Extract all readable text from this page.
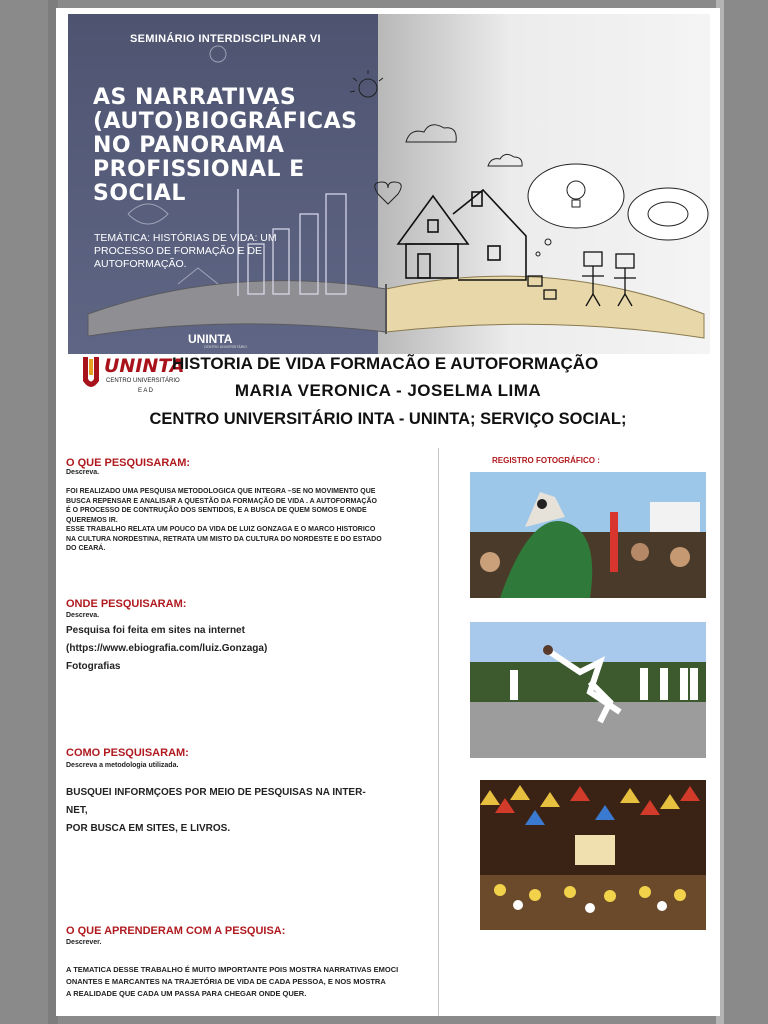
SEMINÁRIO INTERDISCIPLINAR VI
AS NARRATIVAS
(AUTO)BIOGRÁFICAS
NO PANORAMA
PROFISSIONAL E
SOCIAL
TEMÁTICA: HISTÓRIAS DE VIDA: UM PROCESSO DE FORMAÇÃO E DE AUTOFORMAÇÃO.
UNINTA
CENTRO UNIVERSITÁRIO
UNINTA
CENTRO UNIVERSITÁRIO
E A D
HISTORIA DE VIDA FORMACÃO E AUTOFORMAÇÃO
MARIA VERONICA - JOSELMA LIMA
CENTRO UNIVERSITÁRIO INTA - UNINTA; SERVIÇO SOCIAL;
O QUE PESQUISARAM:
Descreva.
FOI REALIZADO UMA PESQUISA METODOLOGICA QUE INTEGRA –SE NO MOVIMENTO QUE
BUSCA REPENSAR E ANALISAR A QUESTÃO DA FORMAÇÃO DE VIDA . A AUTOFORMAÇÃO
É O PROCESSO DE CONTRUÇÃO DOS SENTIDOS, E A BUSCA DE QUEM SOMOS E ONDE
QUEREMOS IR.
ESSE TRABALHO RELATA UM POUCO DA VIDA DE LUIZ GONZAGA E O MARCO HISTORICO
NA CULTURA NORDESTINA, RETRATA UM MISTO DA CULTURA DO NORDESTE E DO ESTADO
DO CEARÁ.
ONDE PESQUISARAM:
Descreva.
Pesquisa foi feita em sites na internet
(https://www.ebiografia.com/luiz.Gonzaga)
Fotografias
COMO PESQUISARAM:
Descreva a metodologia utilizada.
BUSQUEI INFORMÇOES POR MEIO DE PESQUISAS NA INTER-
NET,
POR BUSCA EM SITES, E LIVROS.
O QUE APRENDERAM COM A PESQUISA:
Descrever.
A TEMATICA DESSE TRABALHO É MUITO IMPORTANTE POIS MOSTRA NARRATIVAS EMOCI
ONANTES E MARCANTES NA TRAJETÓRIA DE VIDA DE CADA PESSOA, E NOS MOSTRA
A REALIDADE QUE CADA UM PASSA PARA CHEGAR ONDE QUER.
REGISTRO FOTOGRÁFICO :
